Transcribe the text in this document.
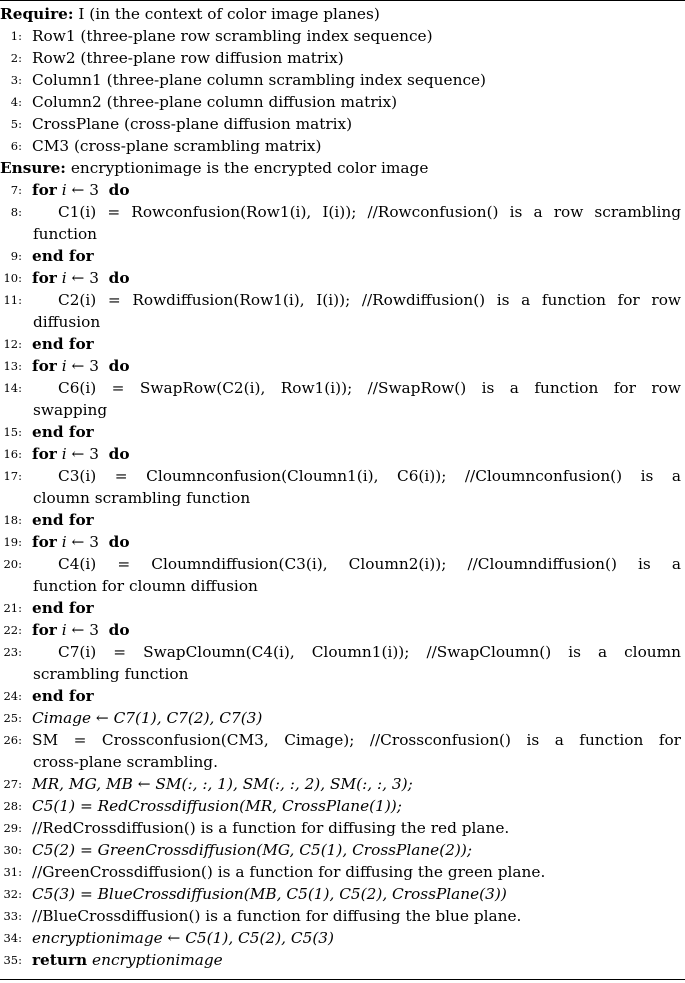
Require: I (in the context of color image planes)
1: Row1 (three-plane row scrambling index sequence)
2: Row2 (three-plane row diffusion matrix)
3: Column1 (three-plane column scrambling index sequence)
4: Column2 (three-plane column diffusion matrix)
5: CrossPlane (cross-plane diffusion matrix)
6: CM3 (cross-plane scrambling matrix)
Ensure: encryptionimage is the encrypted color image
7: for i ← 3 do
8: C1(i) = Rowconfusion(Row1(i), I(i)); //Rowconfusion() is a row scrambling
function
9: end for
10: for i ← 3 do
11: C2(i) = Rowdiffusion(Row1(i), I(i)); //Rowdiffusion() is a function for row
diffusion
12: end for
13: for i ← 3 do
14: C6(i) = SwapRow(C2(i), Row1(i)); //SwapRow() is a function for row
swapping
15: end for
16: for i ← 3 do
17: C3(i) = Cloumnconfusion(Cloumn1(i), C6(i)); //Cloumnconfusion() is a
cloumn scrambling function
18: end for
19: for i ← 3 do
20: C4(i) = Cloumndiffusion(C3(i), Cloumn2(i)); //Cloumndiffusion() is a
function for cloumn diffusion
21: end for
22: for i ← 3 do
23: C7(i) = SwapCloumn(C4(i), Cloumn1(i)); //SwapCloumn() is a cloumn
scrambling function
24: end for
25: Cimage ← C7(1), C7(2), C7(3)
26: SM = Crossconfusion(CM3, Cimage); //Crossconfusion() is a function for
cross-plane scrambling.
27: MR, MG, MB ← SM(:, :, 1), SM(:, :, 2), SM(:, :, 3);
28: C5(1) = RedCrossdiffusion(MR, CrossPlane(1));
29: //RedCrossdiffusion() is a function for diffusing the red plane.
30: C5(2) = GreenCrossdiffusion(MG, C5(1), CrossPlane(2));
31: //GreenCrossdiffusion() is a function for diffusing the green plane.
32: C5(3) = BlueCrossdiffusion(MB, C5(1), C5(2), CrossPlane(3))
33: //BlueCrossdiffusion() is a function for diffusing the blue plane.
34: encryptionimage ← C5(1), C5(2), C5(3)
35: return encryptionimage
